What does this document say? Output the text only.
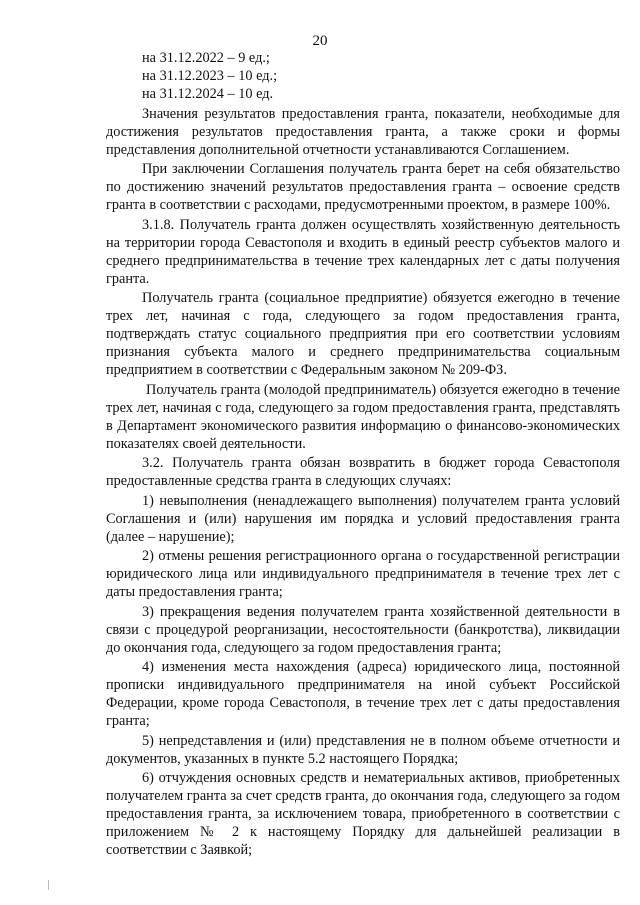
20

на 31.12.2022 – 9 ед.;

на 31.12.2023 – 10 ед.;

на 31.12.2024 – 10 ед.

Значения результатов предоставления гранта, показатели, необходимые для достижения результатов предоставления гранта, а также сроки и формы представления дополнительной отчетности устанавливаются Соглашением.

При заключении Соглашения получатель гранта берет на себя обязательство по достижению значений результатов предоставления гранта – освоение средств гранта в соответствии с расходами, предусмотренными проектом, в размере 100%.

3.1.8. Получатель гранта должен осуществлять хозяйственную деятельность на территории города Севастополя и входить в единый реестр субъектов малого и среднего предпринимательства в течение трех календарных лет с даты получения гранта.

Получатель гранта (социальное предприятие) обязуется ежегодно в течение трех лет, начиная с года, следующего за годом предоставления гранта, подтверждать статус социального предприятия при его соответствии условиям признания субъекта малого и среднего предпринимательства социальным предприятием в соответствии с Федеральным законом № 209-ФЗ.

Получатель гранта (молодой предприниматель) обязуется ежегодно в течение трех лет, начиная с года, следующего за годом предоставления гранта, представлять в Департамент экономического развития информацию о финансово-экономических показателях своей деятельности.

3.2. Получатель гранта обязан возвратить в бюджет города Севастополя предоставленные средства гранта в следующих случаях:

1) невыполнения (ненадлежащего выполнения) получателем гранта условий Соглашения и (или) нарушения им порядка и условий предоставления гранта (далее – нарушение);

2) отмены решения регистрационного органа о государственной регистрации юридического лица или индивидуального предпринимателя в течение трех лет с даты предоставления гранта;

3) прекращения ведения получателем гранта хозяйственной деятельности в связи с процедурой реорганизации, несостоятельности (банкротства), ликвидации до окончания года, следующего за годом предоставления гранта;

4) изменения места нахождения (адреса) юридического лица, постоянной прописки индивидуального предпринимателя на иной субъект Российской Федерации, кроме города Севастополя, в течение трех лет с даты предоставления гранта;

5) непредставления и (или) представления не в полном объеме отчетности и документов, указанных в пункте 5.2 настоящего Порядка;

6) отчуждения основных средств и нематериальных активов, приобретенных получателем гранта за счет средств гранта, до окончания года, следующего за годом предоставления гранта, за исключением товара, приобретенного в соответствии с приложением № 2 к настоящему Порядку для дальнейшей реализации в соответствии с Заявкой;
